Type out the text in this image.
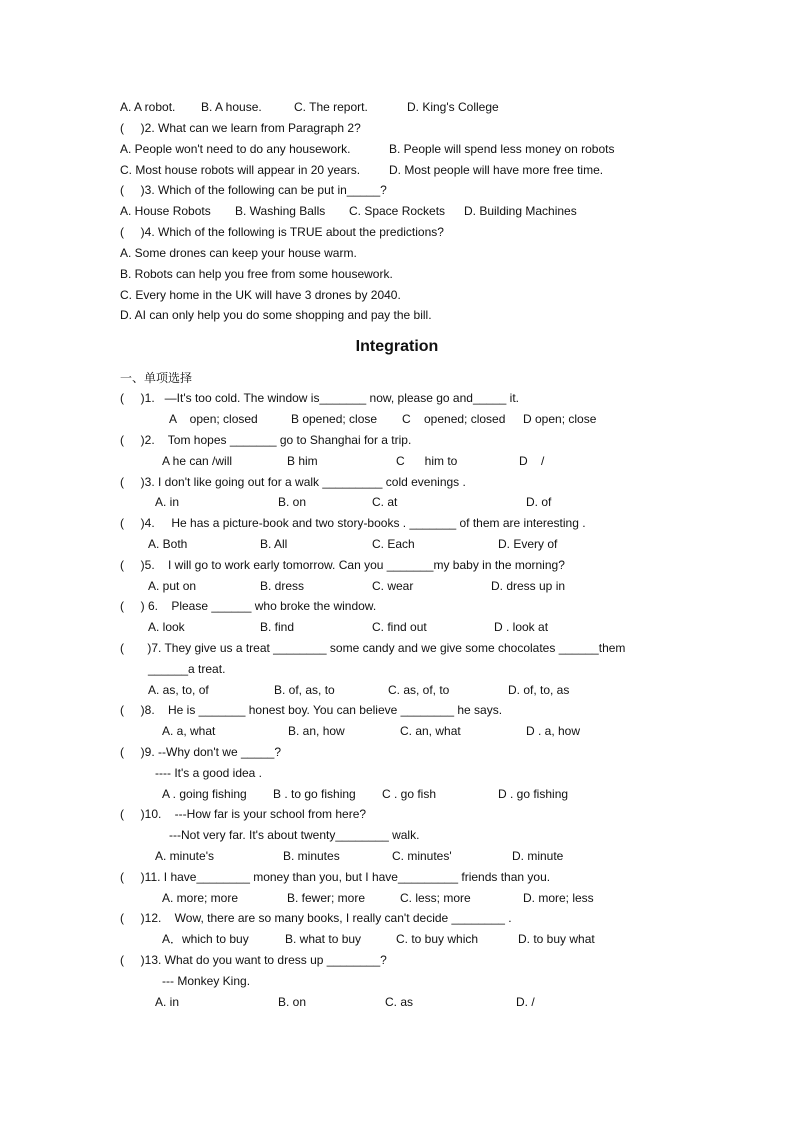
A. A robot. B. A house.	C. The report.	D. King's College
(     )2. What can we learn from Paragraph 2?
A. People won't need to do any housework.	B. People will spend less money on robots
C. Most house robots will appear in 20 years. D. Most people will have more free time.
(     )3. Which of the following can be put in_____?
A. House Robots B. Washing Balls C. Space Rockets D. Building Machines
(     )4. Which of the following is TRUE about the predictions?
A. Some drones can keep your house warm.
B. Robots can help you free from some housework.
C. Every home in the UK will have 3 drones by 2040.
D. AI can only help you do some shopping and pay the bill.
Integration
一、单项选择
(     )1.   —It's too cold. The window is_______ now, please go and_____ it.
A    open; closed	B opened; close C    opened; closed D open; close
(     )2.    Tom hopes _______ go to Shanghai for a trip.
A he can /will	B him	C      him to	D    /
(     )3. I don't like going out for a walk _________ cold evenings .
A. in	B. on	C. at	D. of
(     )4.     He has a picture-book and two story-books . _______ of them are interesting .
A. Both	B. All	C. Each	D. Every of
(     )5.    I will go to work early tomorrow. Can you _______my baby in the morning?
A. put on	B. dress	C. wear	D. dress up in
(     ) 6.    Please ______ who broke the window.
A. look	B. find	C. find out	D . look at
(       )7. They give us a treat ________ some candy and we give some chocolates ______them
______a treat.
A. as, to, of	B. of, as, to	C. as, of, to	D. of, to, as
(     )8.    He is _______ honest boy. You can believe ________ he says.
A. a, what	B. an, how	C. an, what	D . a, how
(     )9. --Why don't we _____?
---- It's a good idea .
A . going fishing B . to go fishing C . go fish	D . go fishing
(     )10.    ---How far is your school from here?
---Not very far. It's about twenty________ walk.
A. minute's	B. minutes	C. minutes'	D. minute
(     )11. I have________ money than you, but I have_________ friends than you.
A. more; more	B. fewer; more	C. less; more	D. more; less
(     )12.    Wow, there are so many books, I really can't decide ________ .
A．which to buy	B. what to buy	C. to buy which	D. to buy what
(     )13. What do you want to dress up ________?
--- Monkey King.
A. in	B. on	C. as	D. /
